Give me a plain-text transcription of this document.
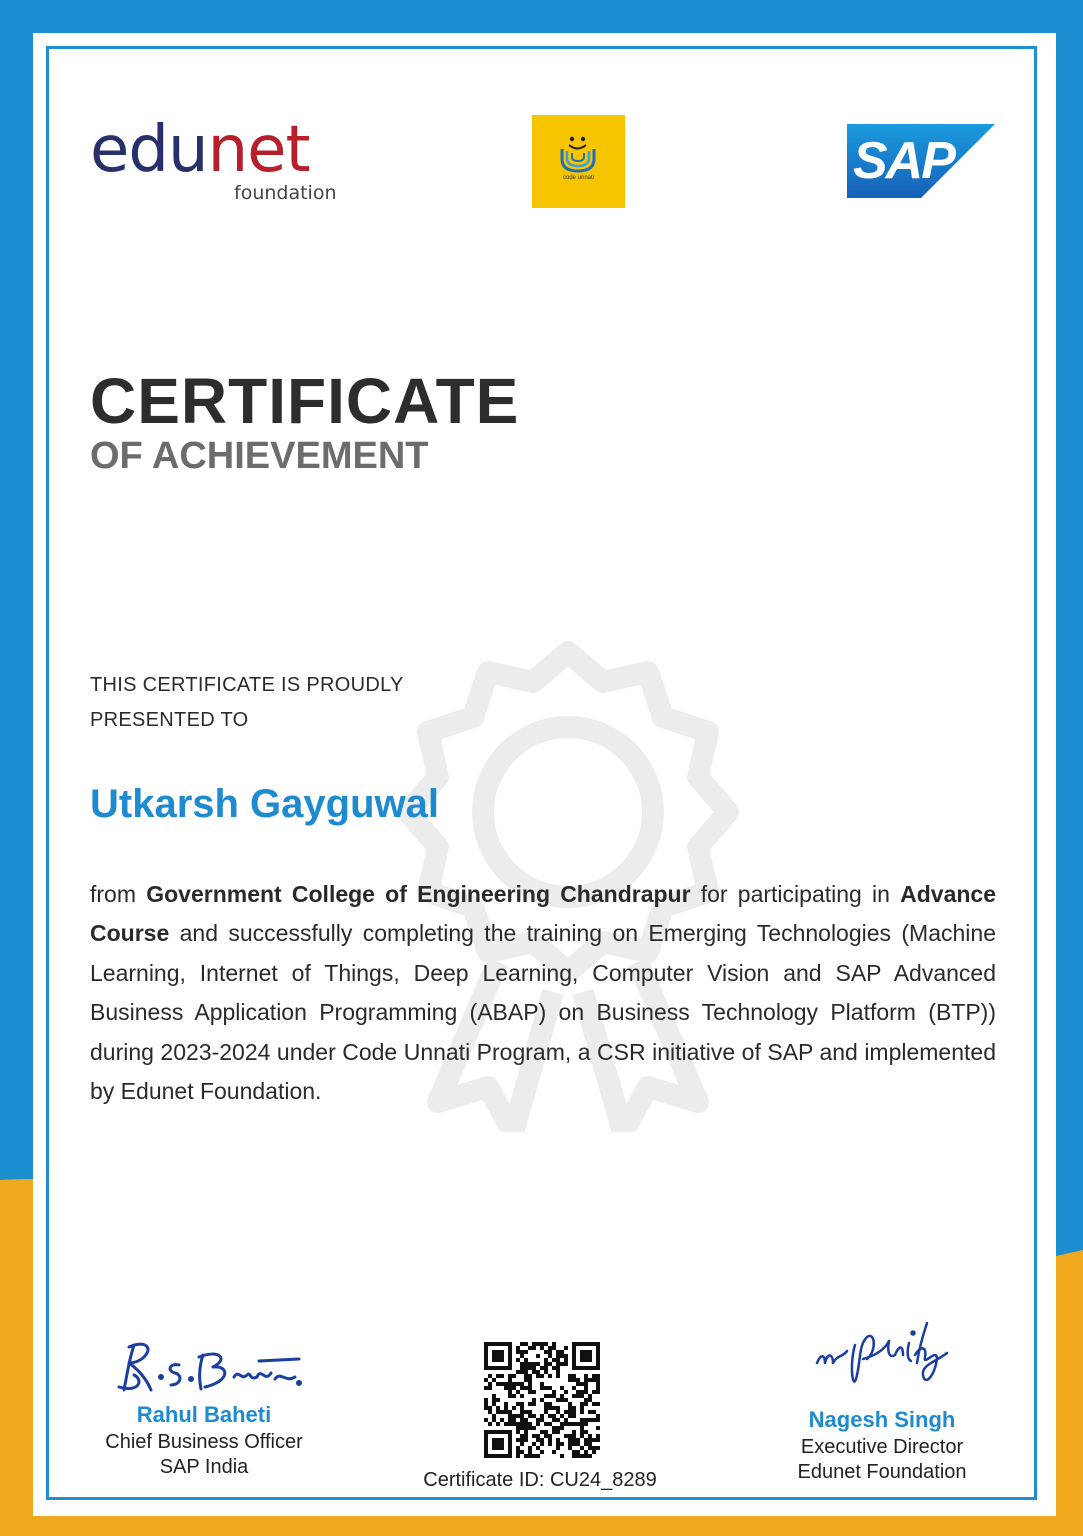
edunet
foundation
code unnati	SAP
CERTIFICATE
OF ACHIEVEMENT
THIS CERTIFICATE IS PROUDLY
PRESENTED TO
Utkarsh Gayguwal
from Government College of Engineering Chandrapur for participating in Advance Course and successfully completing the training on Emerging Technologies (Machine Learning, Internet of Things, Deep Learning, Computer Vision and SAP Advanced Business Application Programming (ABAP) on Business Technology Platform (BTP)) during 2023-2024 under Code Unnati Program, a CSR initiative of SAP and implemented by Edunet Foundation.
Rahul Baheti
Chief Business Officer
SAP India
Certificate ID: CU24_8289
Nagesh Singh
Executive Director
Edunet Foundation
